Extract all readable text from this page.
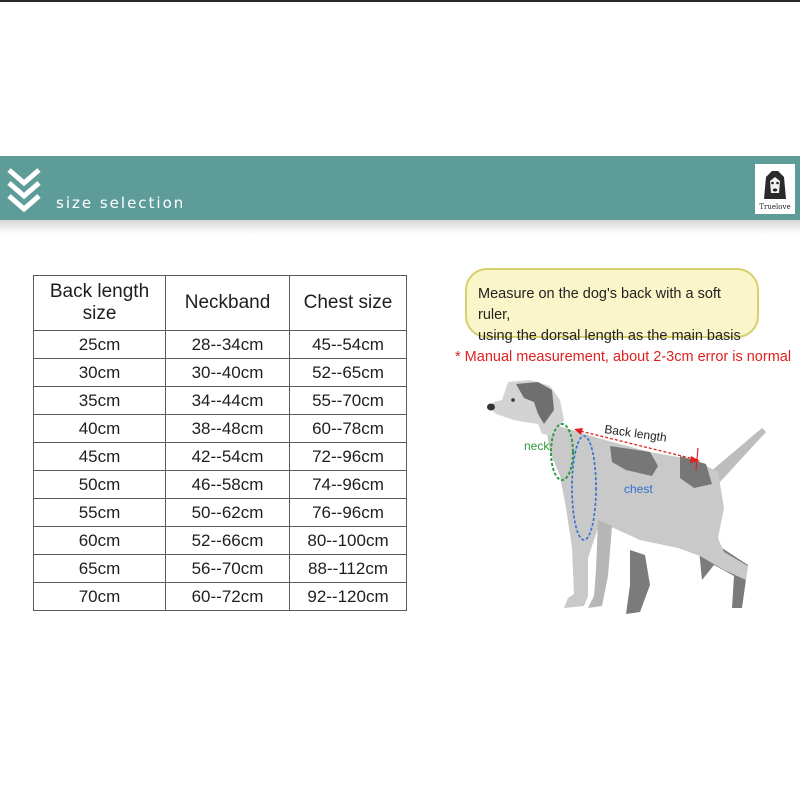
size selection	Truelove
Back length size	Neckband	Chest size
25cm	28--34cm	45--54cm
30cm	30--40cm	52--65cm
35cm	34--44cm	55--70cm
40cm	38--48cm	60--78cm
45cm	42--54cm	72--96cm
50cm	46--58cm	74--96cm
55cm	50--62cm	76--96cm
60cm	52--66cm	80--100cm
65cm	56--70cm	88--112cm
70cm	60--72cm	92--120cm
Measure on the dog's back with a soft ruler,
using the dorsal length as the main basis
* Manual measurement, about 2-3cm error is normal
neck
Back length
chest
